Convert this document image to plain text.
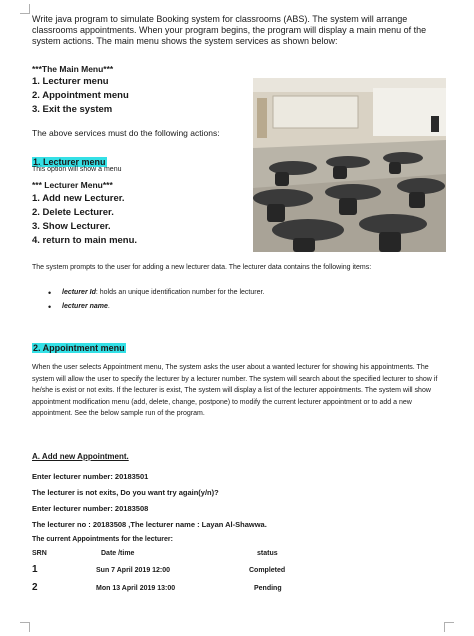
Write java program to simulate Booking system for classrooms (ABS). The system will arrange classrooms appointments. When your program begins, the program will display a main menu of the system actions. The main menu shows the system services as shown below:

***The Main Menu***
1. Lecturer menu
2. Appointment menu
3. Exit the system
The above services must do the following actions:
1. Lecturer menu
This option will show a menu
*** Lecturer Menu***
1. Add new Lecturer.
2. Delete Lecturer.
3. Show Lecturer.
4. return to main menu.
The system prompts to the user for adding a new lecturer data. The lecturer data contains the following items:
• lecturer Id: holds an unique identification number for the lecturer.
• lecturer name.
2. Appointment menu

When the user selects Appointment menu, The system asks the user about a wanted lecturer for showing his appointments. The system will allow the user to specify the lecturer by a lecturer number. The system will search about the specified lecturer to show if he/she is exist or not exits. If the lecturer is exist, The system will display a list of the lecturer appointments. The system will show appointment modification menu (add, delete, change, postpone) to modify the current lecturer appointment or to add a new appointment. See the below sample run of the program.

A. Add new Appointment.
Enter lecturer number: 20183501
The lecturer is not exits, Do you want try again(y/n)?
Enter lecturer number: 20183508
The lecturer no : 20183508 ,The lecturer name : Layan Al-Shawwa.
The current Appointments for the lecturer:
SRN	Date /time	status
1	Sun 7 April 2019 12:00	Completed
2	Mon 13 April 2019 13:00	Pending
